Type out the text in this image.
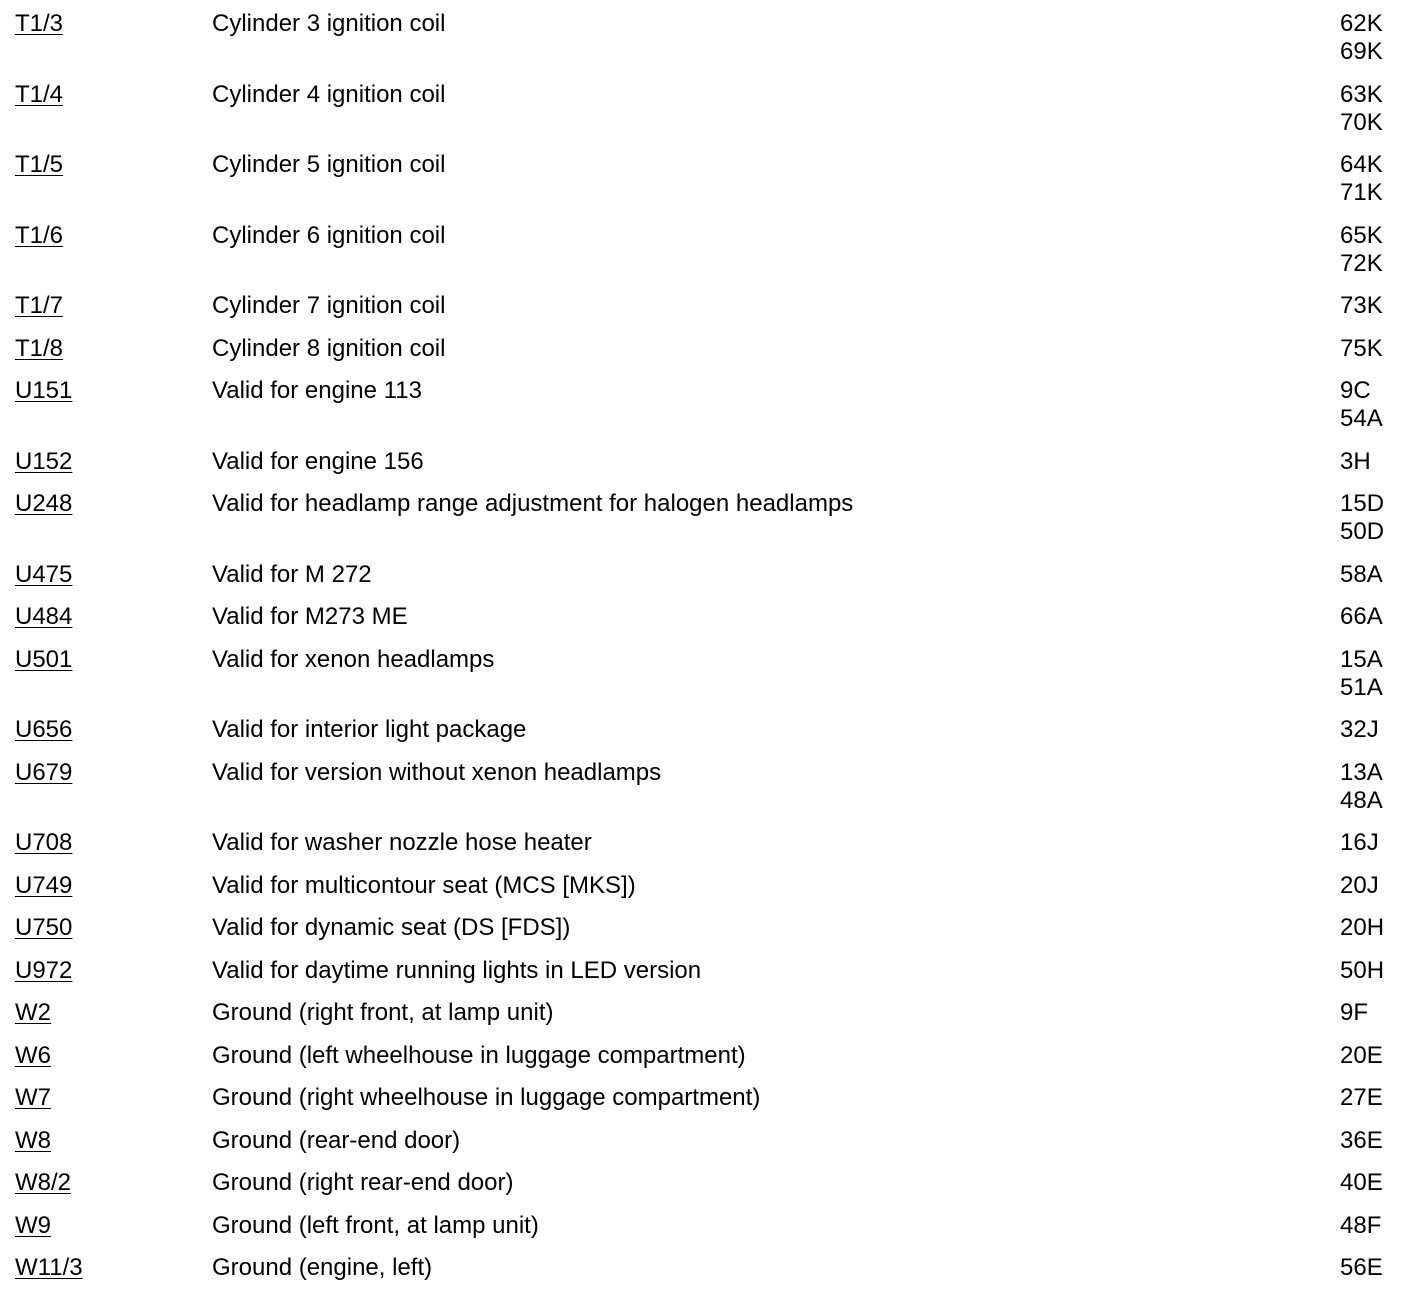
T1/3	Cylinder 3 ignition coil	62K
69K
T1/4	Cylinder 4 ignition coil	63K
70K
T1/5	Cylinder 5 ignition coil	64K
71K
T1/6	Cylinder 6 ignition coil	65K
72K
T1/7	Cylinder 7 ignition coil	73K
T1/8	Cylinder 8 ignition coil	75K
U151	Valid for engine 113	9C
54A
U152	Valid for engine 156	3H
U248	Valid for headlamp range adjustment for halogen headlamps	15D
50D
U475	Valid for M 272	58A
U484	Valid for M273 ME	66A
U501	Valid for xenon headlamps	15A
51A
U656	Valid for interior light package	32J
U679	Valid for version without xenon headlamps	13A
48A
U708	Valid for washer nozzle hose heater	16J
U749	Valid for multicontour seat (MCS [MKS])	20J
U750	Valid for dynamic seat (DS [FDS])	20H
U972	Valid for daytime running lights in LED version	50H
W2	Ground (right front, at lamp unit)	9F
W6	Ground (left wheelhouse in luggage compartment)	20E
W7	Ground (right wheelhouse in luggage compartment)	27E
W8	Ground (rear-end door)	36E
W8/2	Ground (right rear-end door)	40E
W9	Ground (left front, at lamp unit)	48F
W11/3	Ground (engine, left)	56E
